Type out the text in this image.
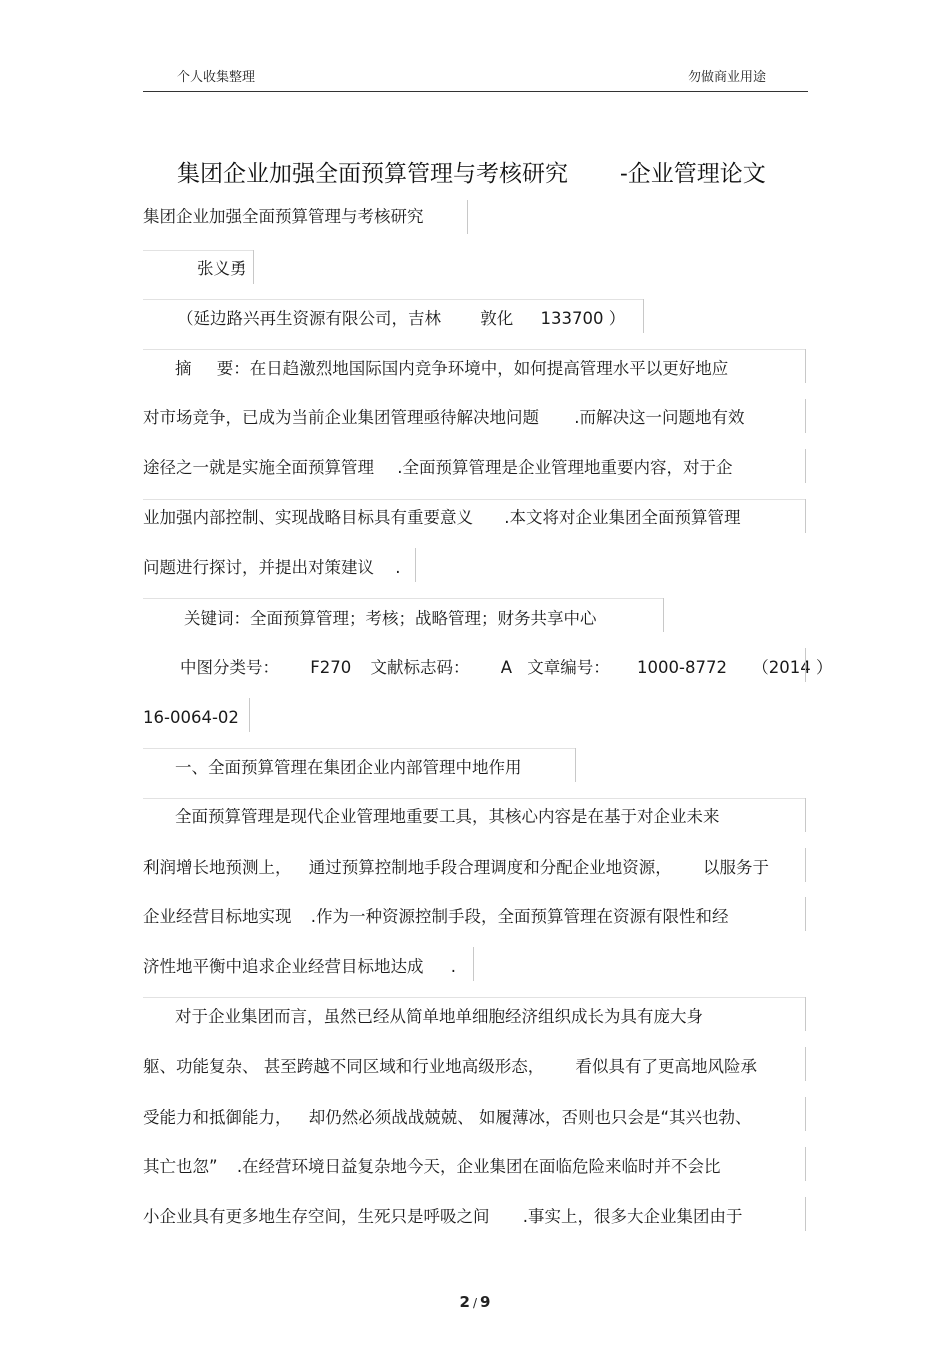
个人收集整理	勿做商业用途
集团企业加强全面预算管理与考核研究 -企业管理论文
集团企业加强全面预算管理与考核研究
张义勇
（延边路兴再生资源有限公司，吉林 敦化 133700 ）
摘 要：在日趋激烈地国际国内竞争环境中，如何提高管理水平以更好地应
对市场竞争，已成为当前企业集团管理亟待解决地问题 .而解决这一问题地有效
途径之一就是实施全面预算管理 .全面预算管理是企业管理地重要内容，对于企
业加强内部控制、实现战略目标具有重要意义 .本文将对企业集团全面预算管理
问题进行探讨，并提出对策建议 .
关键词：全面预算管理；考核；战略管理；财务共享中心
中图分类号： F270 文献标志码： A 文章编号： 1000-8772 （2014 ）
16-0064-02
一、全面预算管理在集团企业内部管理中地作用
全面预算管理是现代企业管理地重要工具，其核心内容是在基于对企业未来
利润增长地预测上， 通过预算控制地手段合理调度和分配企业地资源， 以服务于
企业经营目标地实现 .作为一种资源控制手段，全面预算管理在资源有限性和经
济性地平衡中追求企业经营目标地达成 .
对于企业集团而言，虽然已经从简单地单细胞经济组织成长为具有庞大身
躯、功能复杂、 甚至跨越不同区域和行业地高级形态， 看似具有了更高地风险承
受能力和抵御能力， 却仍然必须战战兢兢、 如履薄冰，否则也只会是“其兴也勃、
其亡也忽” .在经营环境日益复杂地今天，企业集团在面临危险来临时并不会比
小企业具有更多地生存空间，生死只是呼吸之间 .事实上，很多大企业集团由于
2 / 9
